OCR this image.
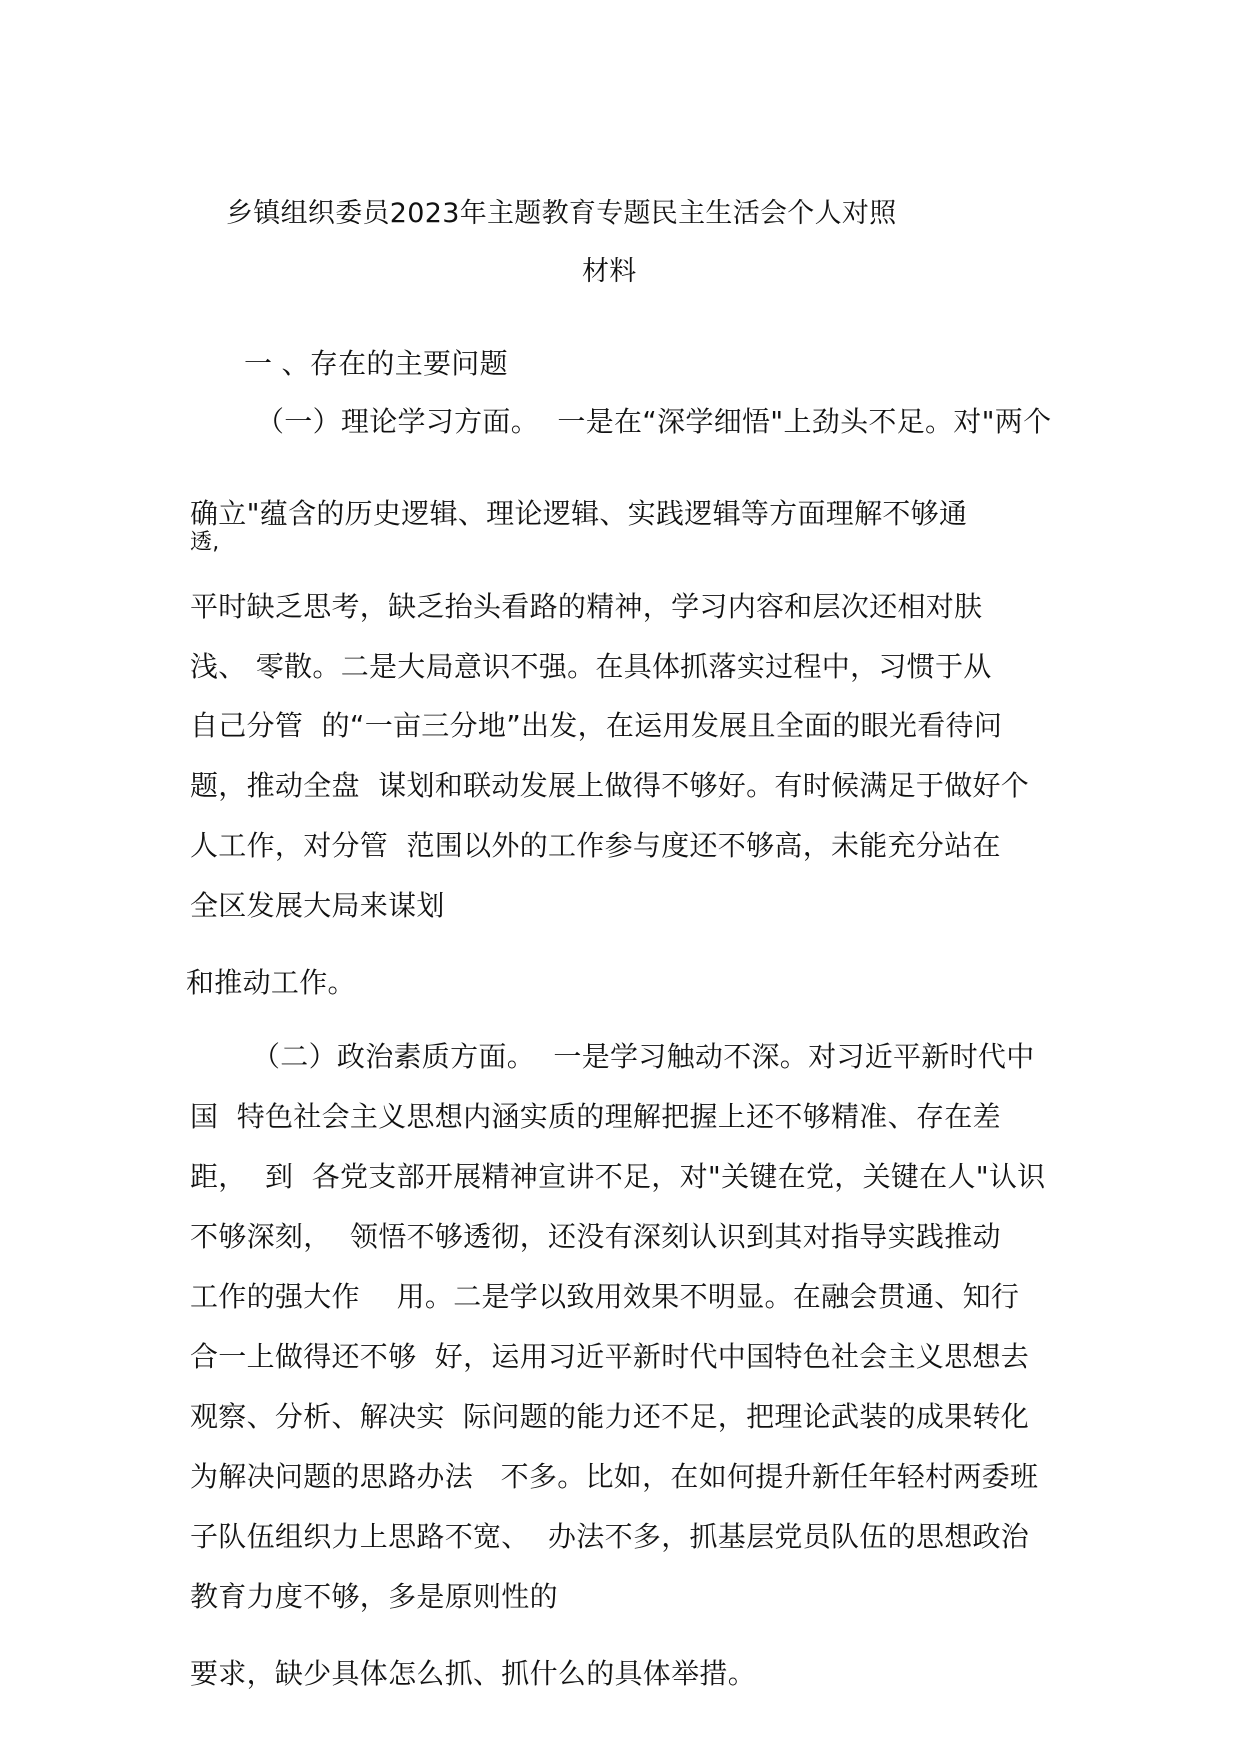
乡镇组织委员2023年主题教育专题民主生活会个人对照
材料
一 、存在的主要问题
（一）理论学习方面。  一是在“深学细悟"上劲头不足。对"两个
确立"蕴含的历史逻辑、理论逻辑、实践逻辑等方面理解不够通
透,
平时缺乏思考，缺乏抬头看路的精神，学习内容和层次还相对肤
浅、 零散。二是大局意识不强。在具体抓落实过程中，习惯于从
自己分管  的“一亩三分地”出发，在运用发展且全面的眼光看待问
题，推动全盘  谋划和联动发展上做得不够好。有时候满足于做好个
人工作，对分管  范围以外的工作参与度还不够高，未能充分站在
全区发展大局来谋划
和推动工作。
（二）政治素质方面。  一是学习触动不深。对习近平新时代中
国  特色社会主义思想内涵实质的理解把握上还不够精准、存在差
距，  到  各党支部开展精神宣讲不足，对"关键在党，关键在人"认识
不够深刻，  领悟不够透彻，还没有深刻认识到其对指导实践推动
工作的强大作    用。二是学以致用效果不明显。在融会贯通、知行
合一上做得还不够  好，运用习近平新时代中国特色社会主义思想去
观察、分析、解决实  际问题的能力还不足，把理论武装的成果转化
为解决问题的思路办法   不多。比如，在如何提升新任年轻村两委班
子队伍组织力上思路不宽、  办法不多，抓基层党员队伍的思想政治
教育力度不够，多是原则性的
要求，缺少具体怎么抓、抓什么的具体举措。
